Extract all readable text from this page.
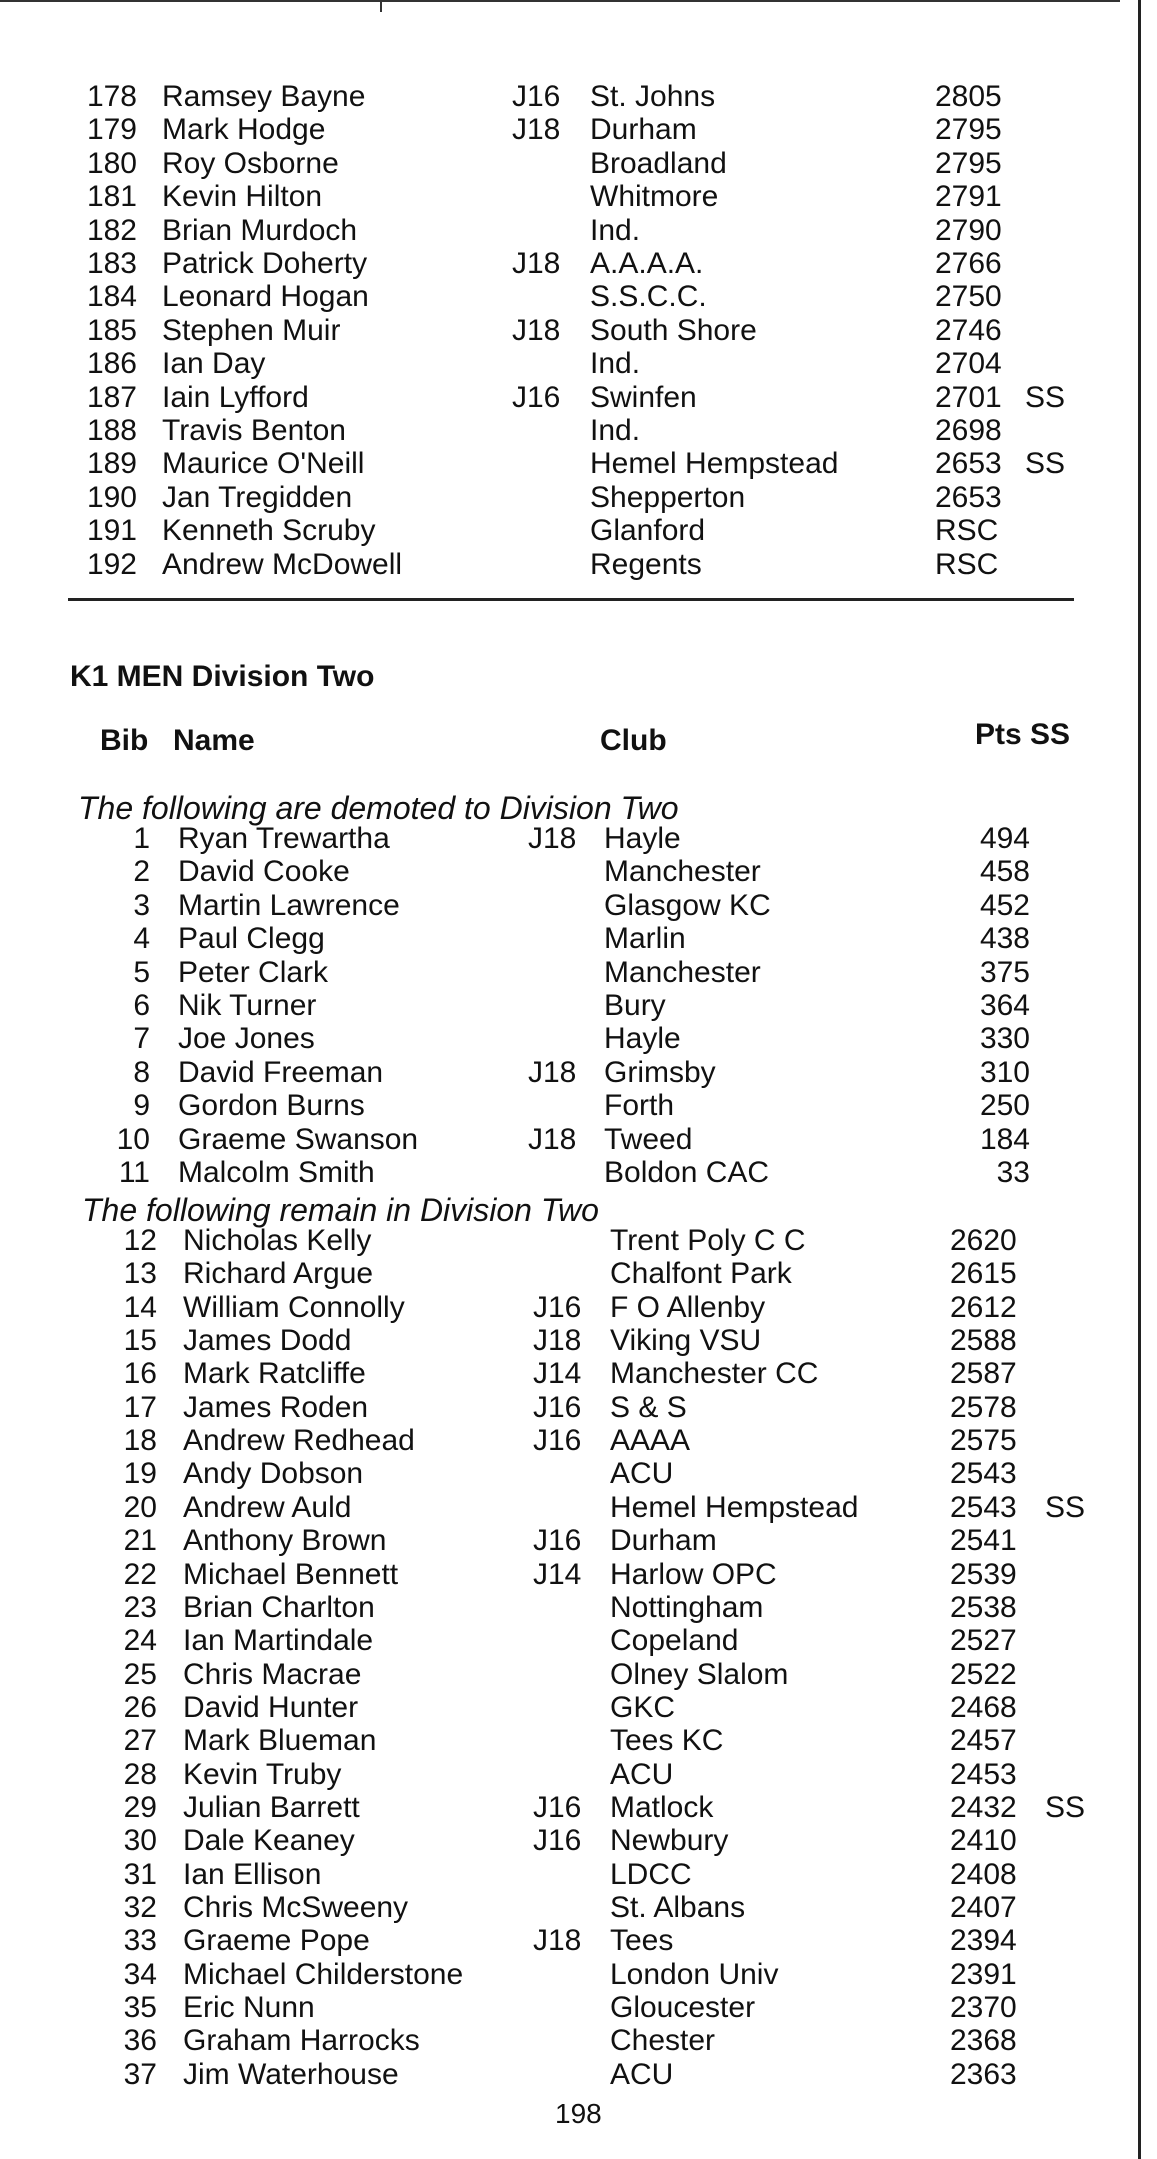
178 Ramsey Bayne	J16 St. Johns	2805
179 Mark Hodge	J18 Durham	2795
180 Roy Osborne	Broadland	2795
181 Kevin Hilton	Whitmore	2791
182 Brian Murdoch	Ind.	2790
183 Patrick Doherty	J18 A.A.A.A.	2766
184 Leonard Hogan	S.S.C.C.	2750
185 Stephen Muir	J18 South Shore	2746
186 Ian Day	Ind.	2704
187 Iain Lyfford	J16 Swinfen	2701 SS
188 Travis Benton	Ind.	2698
189 Maurice O'Neill	Hemel Hempstead	2653 SS
190 Jan Tregidden	Shepperton	2653
191 Kenneth Scruby	Glanford	RSC
192 Andrew McDowell	Regents	RSC
K1 MEN Division Two
Bib Name	Club	Pts SS
The following are demoted to Division Two
1 Ryan Trewartha	J18 Hayle	494
2 David Cooke	Manchester	458
3 Martin Lawrence	Glasgow KC	452
4 Paul Clegg	Marlin	438
5 Peter Clark	Manchester	375
6 Nik Turner	Bury	364
7 Joe Jones	Hayle	330
8 David Freeman	J18 Grimsby	310
9 Gordon Burns	Forth	250
10 Graeme Swanson	J18 Tweed	184
11 Malcolm Smith	Boldon CAC	33
The following remain in Division Two
12 Nicholas Kelly	Trent Poly C C	2620
13 Richard Argue	Chalfont Park	2615
14 William Connolly	J16 F O Allenby	2612
15 James Dodd	J18 Viking VSU	2588
16 Mark Ratcliffe	J14 Manchester CC	2587
17 James Roden	J16 S & S	2578
18 Andrew Redhead	J16 AAAA	2575
19 Andy Dobson	ACU	2543
20 Andrew Auld	Hemel Hempstead	2543 SS
21 Anthony Brown	J16 Durham	2541
22 Michael Bennett	J14 Harlow OPC	2539
23 Brian Charlton	Nottingham	2538
24 Ian Martindale	Copeland	2527
25 Chris Macrae	Olney Slalom	2522
26 David Hunter	GKC	2468
27 Mark Blueman	Tees KC	2457
28 Kevin Truby	ACU	2453
29 Julian Barrett	J16 Matlock	2432 SS
30 Dale Keaney	J16 Newbury	2410
31 Ian Ellison	LDCC	2408
32 Chris McSweeny	St. Albans	2407
33 Graeme Pope	J18 Tees	2394
34 Michael Childerstone	London Univ	2391
35 Eric Nunn	Gloucester	2370
36 Graham Harrocks	Chester	2368
37 Jim Waterhouse	ACU	2363
198
